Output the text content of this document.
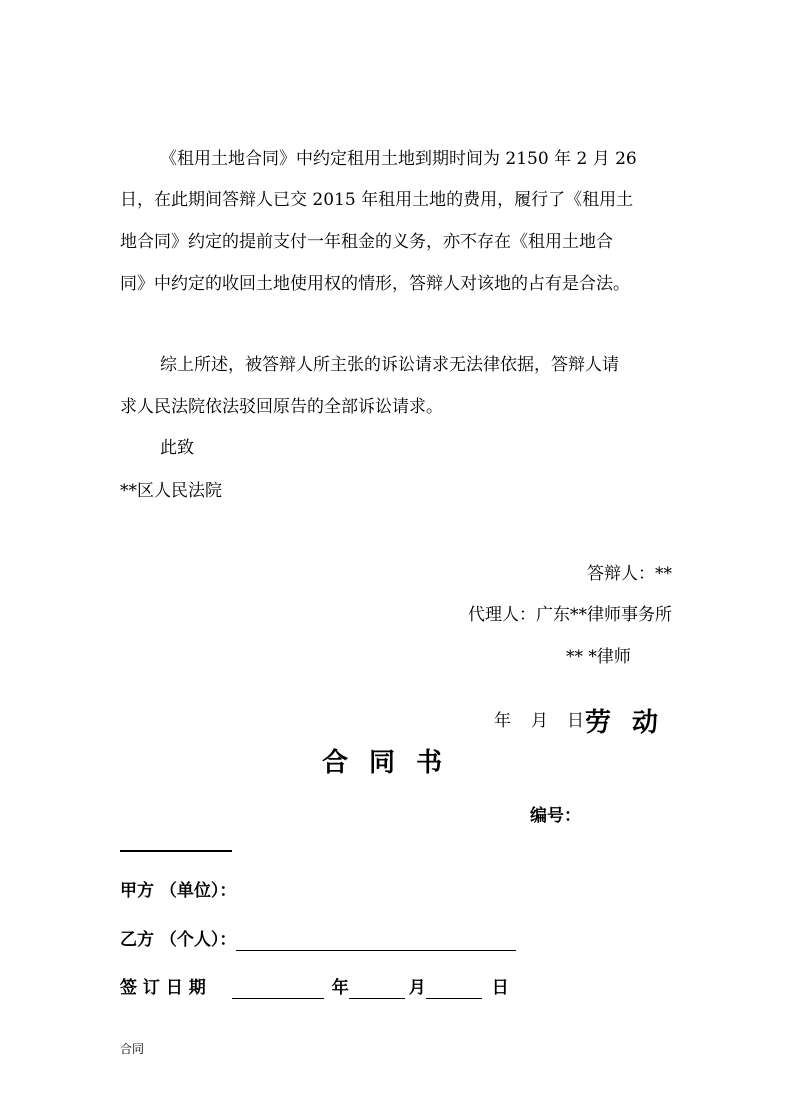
《租用土地合同》中约定租用土地到期时间为 2150 年 2 月 26
日，在此期间答辩人已交 2015 年租用土地的费用，履行了《租用土
地合同》约定的提前支付一年租金的义务，亦不存在《租用土地合
同》中约定的收回土地使用权的情形，答辩人对该地的占有是合法。
综上所述，被答辩人所主张的诉讼请求无法律依据，答辩人请
求人民法院依法驳回原告的全部诉讼请求。
此致
**区人民法院
答辩人：**
代理人：广东**律师事务所
** *律师
年 月 日 劳 动
合 同 书
编号：
甲方 （单位）：
乙方 （个人）：
签 订 日 期	年	月	日
合同
